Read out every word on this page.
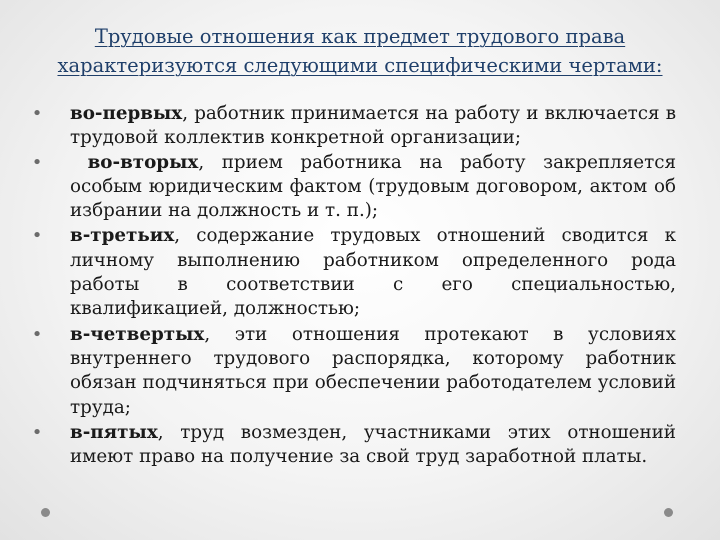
Трудовые отношения как предмет трудового права
характеризуются следующими специфическими чертами:
• во-первых, работник принимается на работу и включается в трудовой коллектив конкретной организации;
• во-вторых, прием работника на работу закрепляется особым юридическим фактом (трудовым договором, актом об избрании на должность и т. п.);
• в-третьих, содержание трудовых отношений сводится к личному выполнению работником определенного рода работы в соответствии с его специальностью, квалификацией, должностью;
• в-четвертых, эти отношения протекают в условиях внутреннего трудового распорядка, которому работник обязан подчиняться при обеспечении работодателем условий труда;
• в-пятых, труд возмезден, участниками этих отношений имеют право на получение за свой труд заработной платы.
